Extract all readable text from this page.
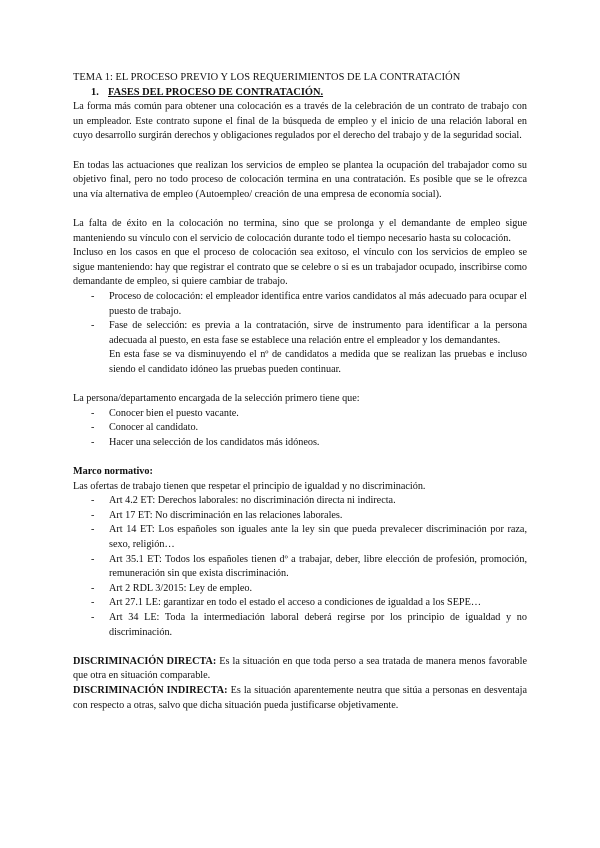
TEMA 1: EL PROCESO PREVIO Y LOS REQUERIMIENTOS DE LA CONTRATACIÓN
1. FASES DEL PROCESO DE CONTRATACIÓN.

La forma más común para obtener una colocación es a través de la celebración de un contrato de trabajo con un empleador. Este contrato supone el final de la búsqueda de empleo y el inicio de una relación laboral en cuyo desarrollo surgirán derechos y obligaciones regulados por el derecho del trabajo y de la seguridad social.

En todas las actuaciones que realizan los servicios de empleo se plantea la ocupación del trabajador como su objetivo final, pero no todo proceso de colocación termina en una contratación. Es posible que se le ofrezca una vía alternativa de empleo (Autoempleo/ creación de una empresa de economía social).

La falta de éxito en la colocación no termina, sino que se prolonga y el demandante de empleo sigue manteniendo su vínculo con el servicio de colocación durante todo el tiempo necesario hasta su colocación.

Incluso en los casos en que el proceso de colocación sea exitoso, el vínculo con los servicios de empleo se sigue manteniendo: hay que registrar el contrato que se celebre o si es un trabajador ocupado, inscribirse como demandante de empleo, si quiere cambiar de trabajo.

- Proceso de colocación: el empleador identifica entre varios candidatos al más adecuado para ocupar el puesto de trabajo.
- Fase de selección: es previa a la contratación, sirve de instrumento para identificar a la persona adecuada al puesto, en esta fase se establece una relación entre el empleador y los demandantes.

En esta fase se va disminuyendo el nº de candidatos a medida que se realizan las pruebas e incluso siendo el candidato idóneo las pruebas pueden continuar.

La persona/departamento encargada de la selección primero tiene que:

- Conocer bien el puesto vacante.
- Conocer al candidato.
- Hacer una selección de los candidatos más idóneos.

Marco normativo:

Las ofertas de trabajo tienen que respetar el principio de igualdad y no discriminación.

- Art 4.2 ET: Derechos laborales: no discriminación directa ni indirecta.
- Art 17 ET: No discriminación en las relaciones laborales.
- Art 14 ET: Los españoles son iguales ante la ley sin que pueda prevalecer discriminación por raza, sexo, religión…
- Art 35.1 ET: Todos los españoles tienen dº a trabajar, deber, libre elección de profesión, promoción, remuneración sin que exista discriminación.
- Art 2 RDL 3/2015: Ley de empleo.
- Art 27.1 LE: garantizar en todo el estado el acceso a condiciones de igualdad a los SEPE…
- Art 34 LE: Toda la intermediación laboral deberá regirse por los principio de igualdad y no discriminación.

DISCRIMINACIÓN DIRECTA: Es la situación en que toda perso a sea tratada de manera menos favorable que otra en situación comparable.

DISCRIMINACIÓN INDIRECTA: Es la situación aparentemente neutra que sitúa a personas en desventaja con respecto a otras, salvo que dicha situación pueda justificarse objetivamente.
